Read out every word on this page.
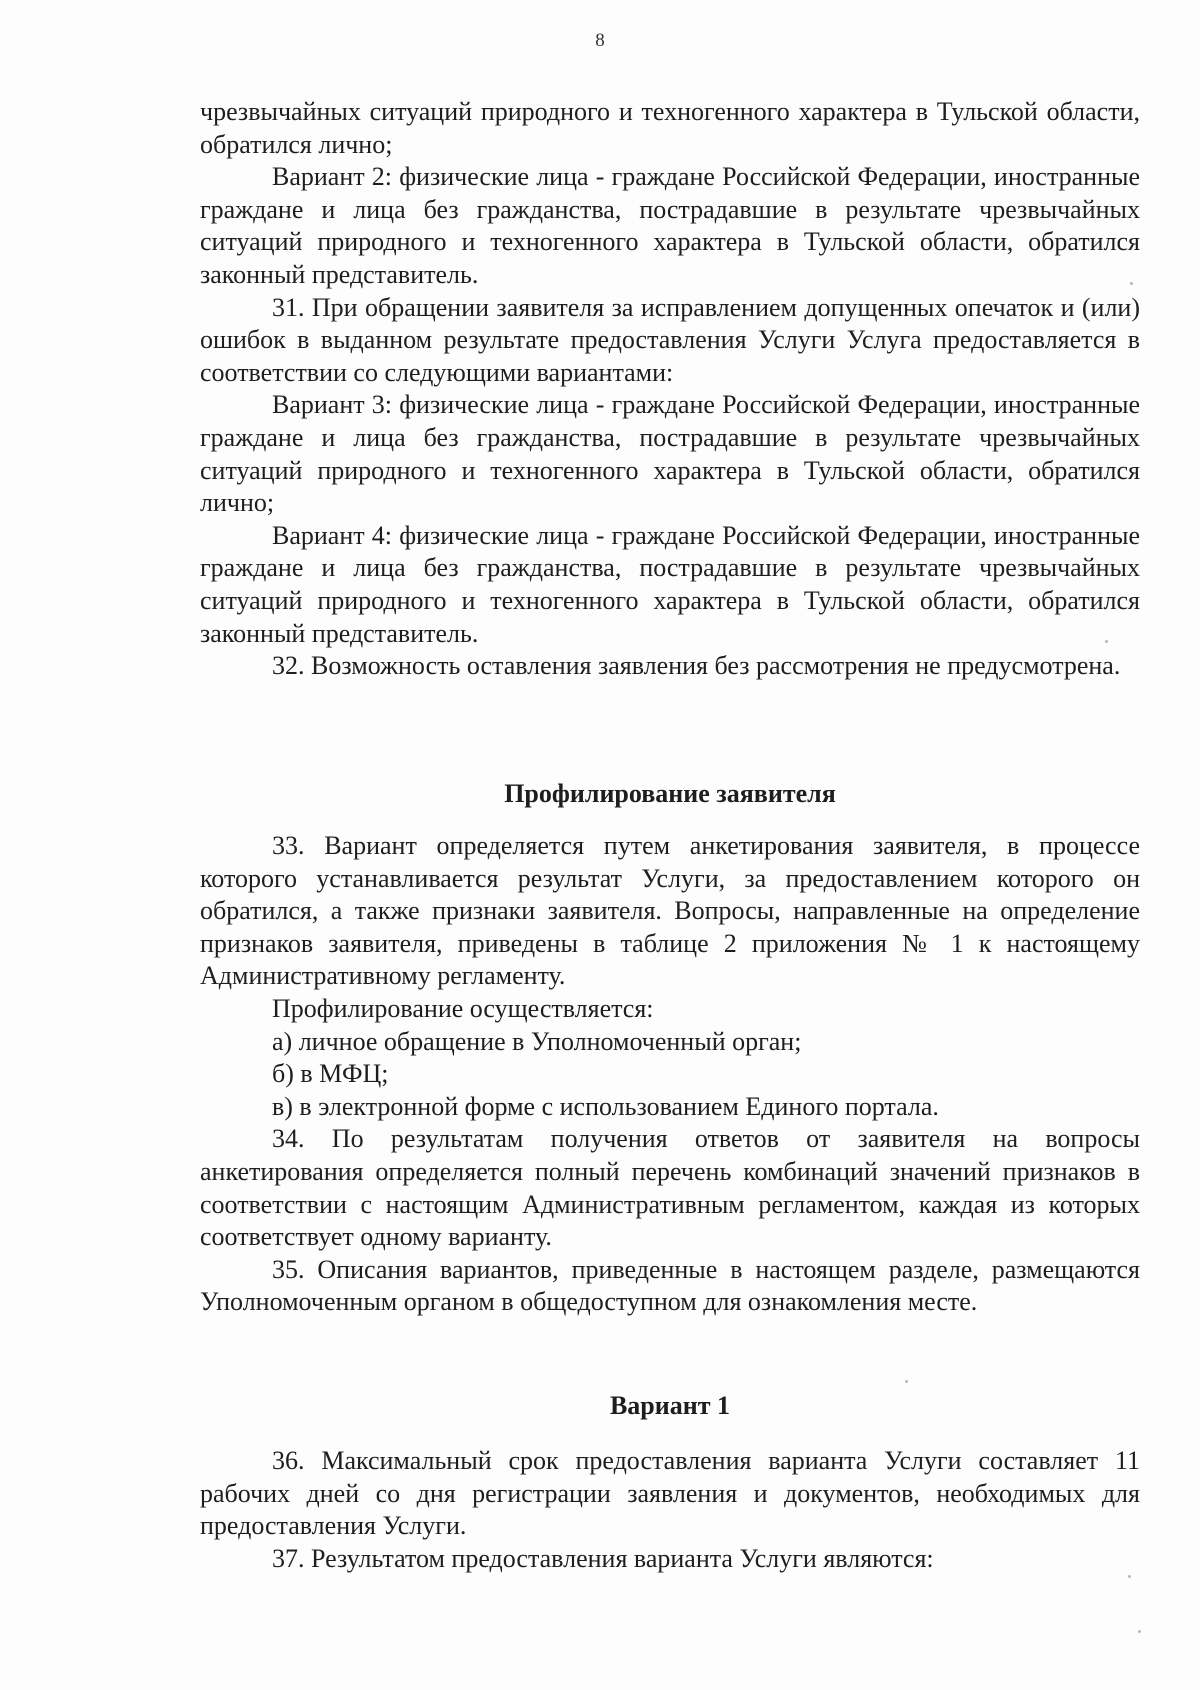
8

чрезвычайных ситуаций природного и техногенного характера в Тульской области, обратился лично;

Вариант 2: физические лица - граждане Российской Федерации, иностранные граждане и лица без гражданства, пострадавшие в результате чрезвычайных ситуаций природного и техногенного характера в Тульской области, обратился законный представитель.

31. При обращении заявителя за исправлением допущенных опечаток и (или) ошибок в выданном результате предоставления Услуги Услуга предоставляется в соответствии со следующими вариантами:

Вариант 3: физические лица - граждане Российской Федерации, иностранные граждане и лица без гражданства, пострадавшие в результате чрезвычайных ситуаций природного и техногенного характера в Тульской области, обратился лично;

Вариант 4: физические лица - граждане Российской Федерации, иностранные граждане и лица без гражданства, пострадавшие в результате чрезвычайных ситуаций природного и техногенного характера в Тульской области, обратился законный представитель.

32. Возможность оставления заявления без рассмотрения не предусмотрена.

Профилирование заявителя

33. Вариант определяется путем анкетирования заявителя, в процессе которого устанавливается результат Услуги, за предоставлением которого он обратился, а также признаки заявителя. Вопросы, направленные на определение признаков заявителя, приведены в таблице 2 приложения № 1 к настоящему Административному регламенту.

Профилирование осуществляется:

а) личное обращение в Уполномоченный орган;

б) в МФЦ;

в) в электронной форме с использованием Единого портала.

34. По результатам получения ответов от заявителя на вопросы анкетирования определяется полный перечень комбинаций значений признаков в соответствии с настоящим Административным регламентом, каждая из которых соответствует одному варианту.

35. Описания вариантов, приведенные в настоящем разделе, размещаются Уполномоченным органом в общедоступном для ознакомления месте.

Вариант 1

36. Максимальный срок предоставления варианта Услуги составляет 11 рабочих дней со дня регистрации заявления и документов, необходимых для предоставления Услуги.

37. Результатом предоставления варианта Услуги являются:
